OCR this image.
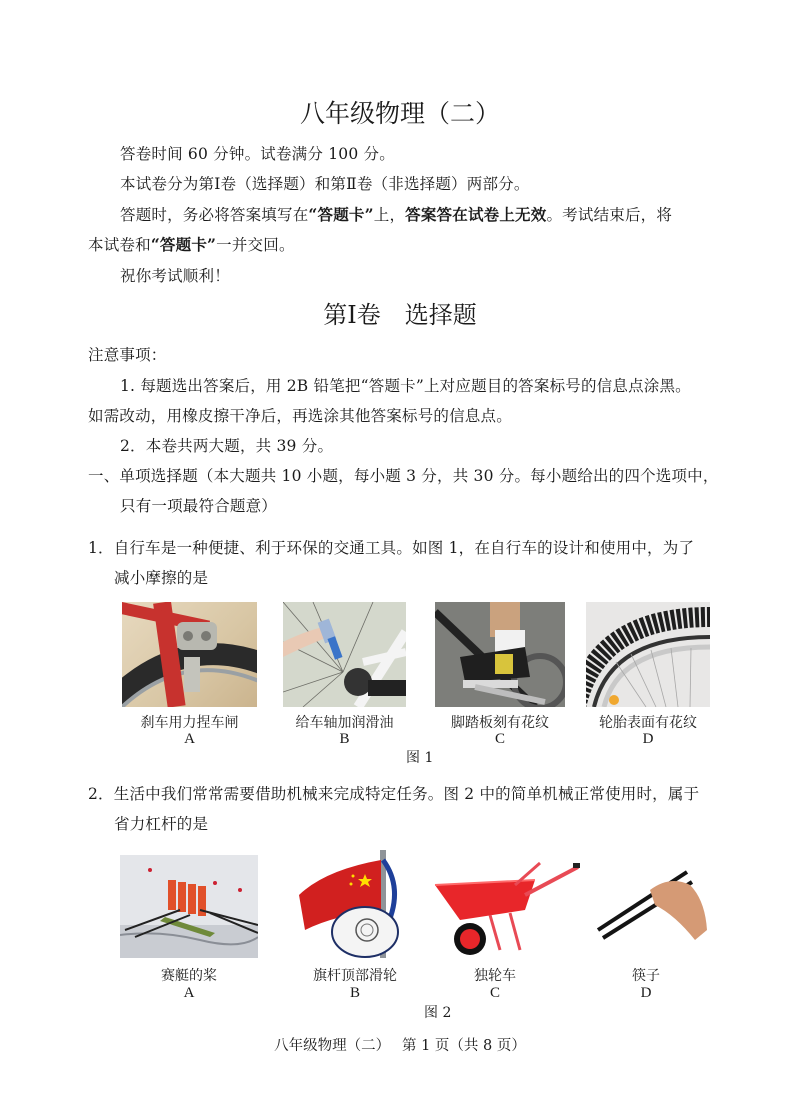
八年级物理（二）
答卷时间 60 分钟。试卷满分 100 分。
本试卷分为第Ⅰ卷（选择题）和第Ⅱ卷（非选择题）两部分。
答题时，务必将答案填写在“答题卡”上，答案答在试卷上无效。考试结束后，将
本试卷和“答题卡”一并交回。
祝你考试顺利！
第Ⅰ卷　选择题
注意事项：
1. 每题选出答案后，用 2B 铅笔把“答题卡”上对应题目的答案标号的信息点涂黑。
如需改动，用橡皮擦干净后，再选涂其他答案标号的信息点。
2．本卷共两大题，共 39 分。
一、单项选择题（本大题共 10 小题，每小题 3 分，共 30 分。每小题给出的四个选项中，
只有一项最符合题意）
1．自行车是一种便捷、利于环保的交通工具。如图 1，在自行车的设计和使用中，为了
减小摩擦的是
刹车用力捏车闸
A
给车轴加润滑油
B
脚踏板刻有花纹
C
轮胎表面有花纹
D
图 1
2．生活中我们常常需要借助机械来完成特定任务。图 2 中的简单机械正常使用时，属于
省力杠杆的是
赛艇的桨
A
旗杆顶部滑轮
B
独轮车
C
筷子
D
图 2
八年级物理（二）　 第 1 页（共 8 页）
